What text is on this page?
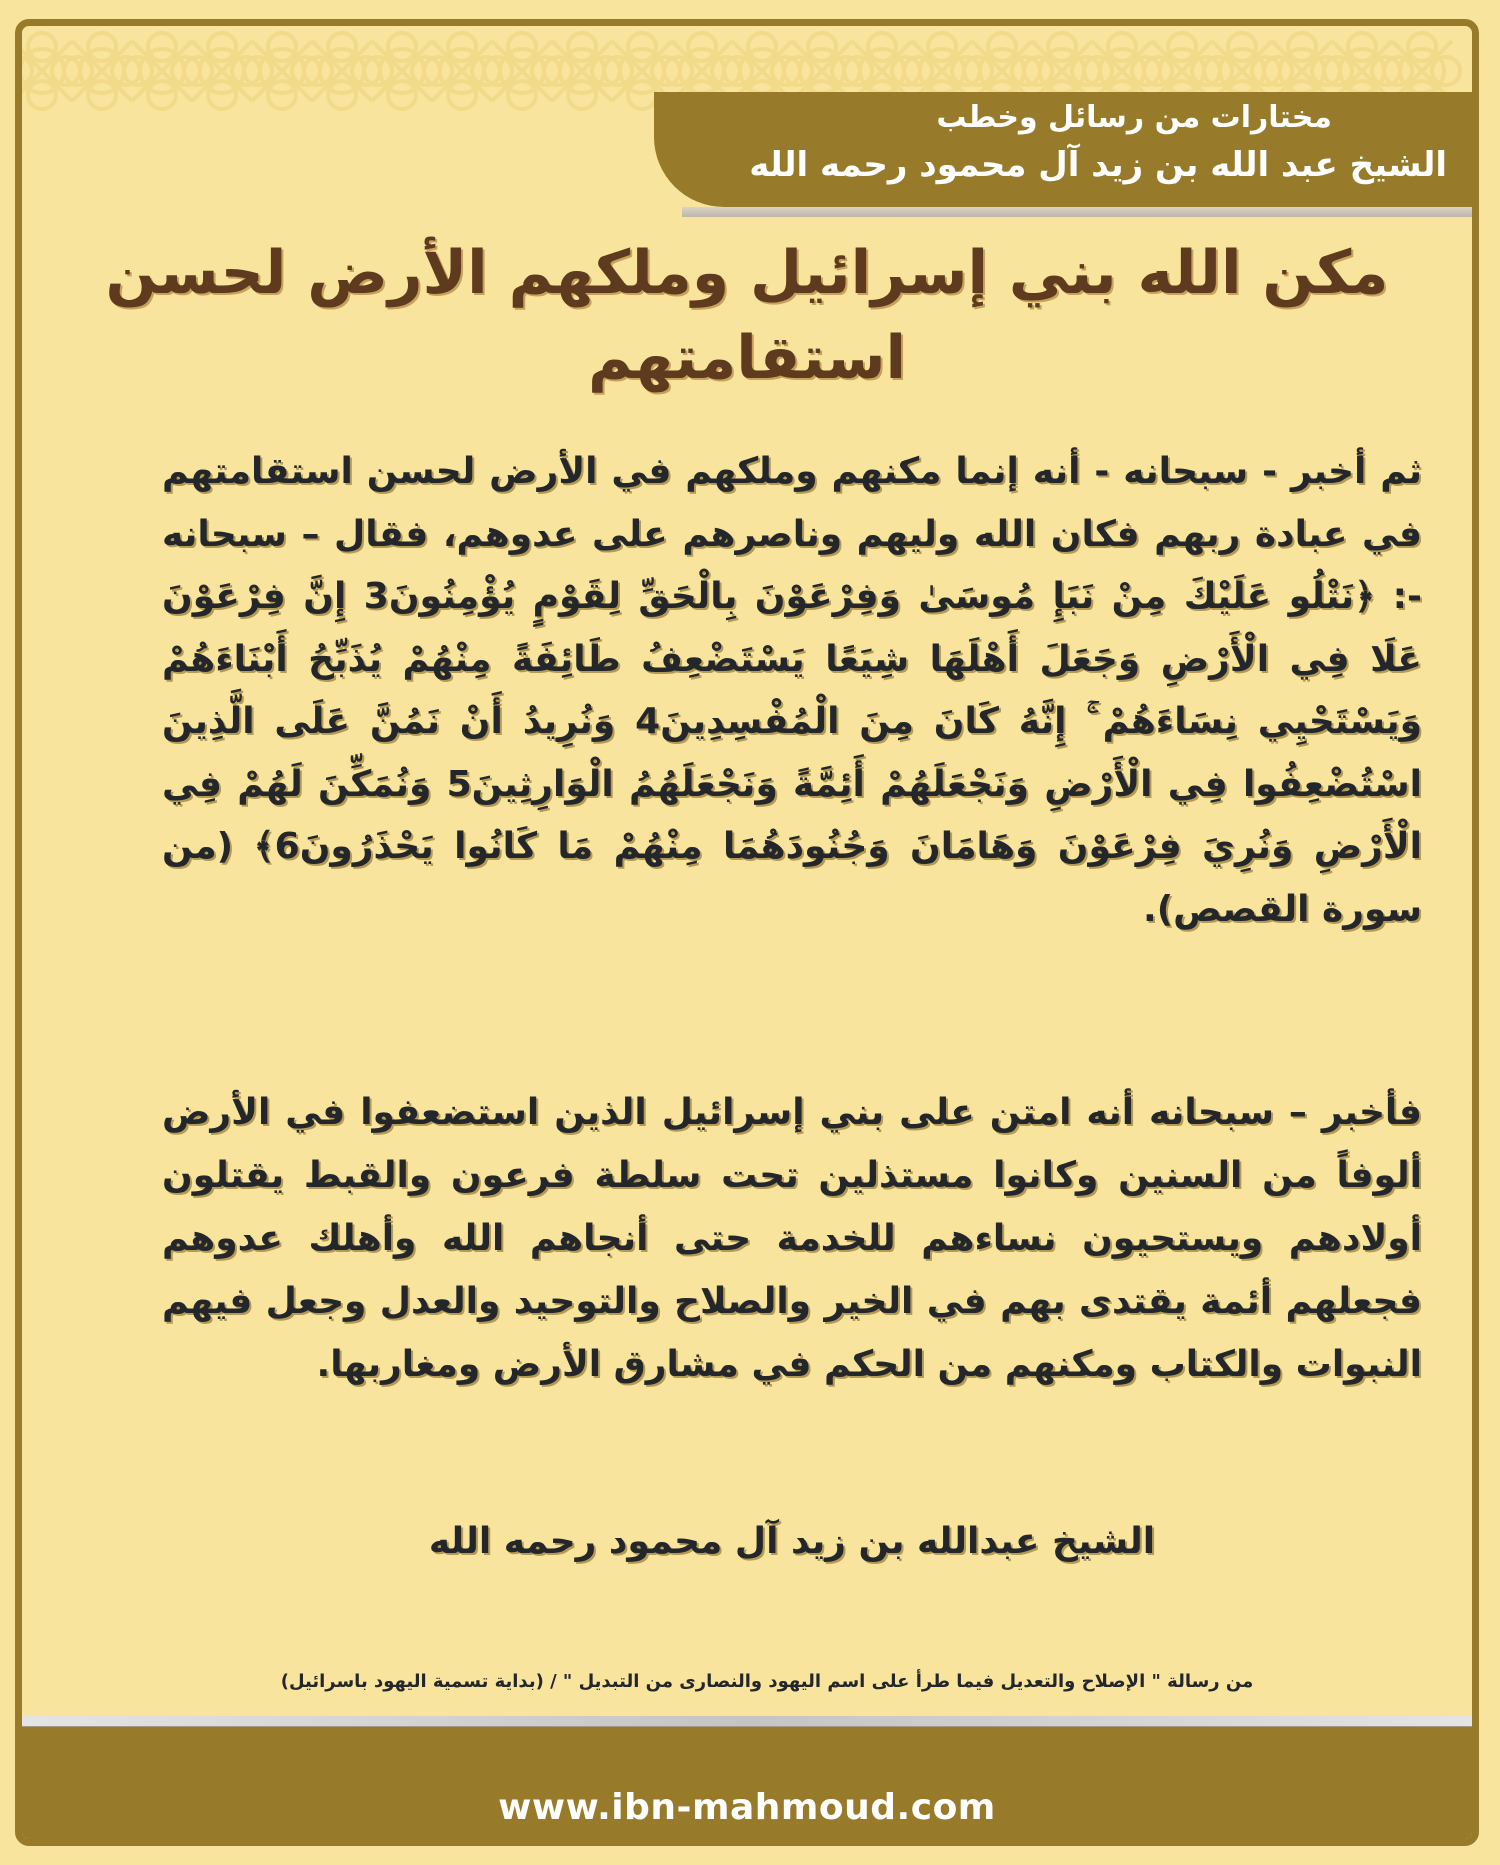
مختارات من رسائل وخطب
الشيخ عبد الله بن زيد آل محمود رحمه الله
مكن الله بني إسرائيل وملكهم الأرض لحسن استقامتهم
ثم أخبر - سبحانه - أنه إنما مكنهم وملكهم في الأرض لحسن استقامتهم في عبادة ربهم فكان الله وليهم وناصرهم على عدوهم، فقال – سبحانه -: ﴿نَتْلُو عَلَيْكَ مِنْ نَبَإِ مُوسَىٰ وَفِرْعَوْنَ بِالْحَقِّ لِقَوْمٍ يُؤْمِنُونَ3 إِنَّ فِرْعَوْنَ عَلَا فِي الْأَرْضِ وَجَعَلَ أَهْلَهَا شِيَعًا يَسْتَضْعِفُ طَائِفَةً مِنْهُمْ يُذَبِّحُ أَبْنَاءَهُمْ وَيَسْتَحْيِي نِسَاءَهُمْ ۚ إِنَّهُ كَانَ مِنَ الْمُفْسِدِينَ4 وَنُرِيدُ أَنْ نَمُنَّ عَلَى الَّذِينَ اسْتُضْعِفُوا فِي الْأَرْضِ وَنَجْعَلَهُمْ أَئِمَّةً وَنَجْعَلَهُمُ الْوَارِثِينَ5 وَنُمَكِّنَ لَهُمْ فِي الْأَرْضِ وَنُرِيَ فِرْعَوْنَ وَهَامَانَ وَجُنُودَهُمَا مِنْهُمْ مَا كَانُوا يَحْذَرُونَ6﴾ (من سورة القصص).
فأخبر – سبحانه أنه امتن على بني إسرائيل الذين استضعفوا في الأرض ألوفاً من السنين وكانوا مستذلين تحت سلطة فرعون والقبط يقتلون أولادهم ويستحيون نساءهم للخدمة حتى أنجاهم الله وأهلك عدوهم فجعلهم أئمة يقتدى بهم في الخير والصلاح والتوحيد والعدل وجعل فيهم النبوات والكتاب ومكنهم من الحكم في مشارق الأرض ومغاربها.
الشيخ عبدالله بن زيد آل محمود رحمه الله
من رسالة " الإصلاح والتعديل فيما طرأ على اسم اليهود والنصارى من التبديل " / (بداية تسمية اليهود باسرائيل)
www.ibn-mahmoud.com
